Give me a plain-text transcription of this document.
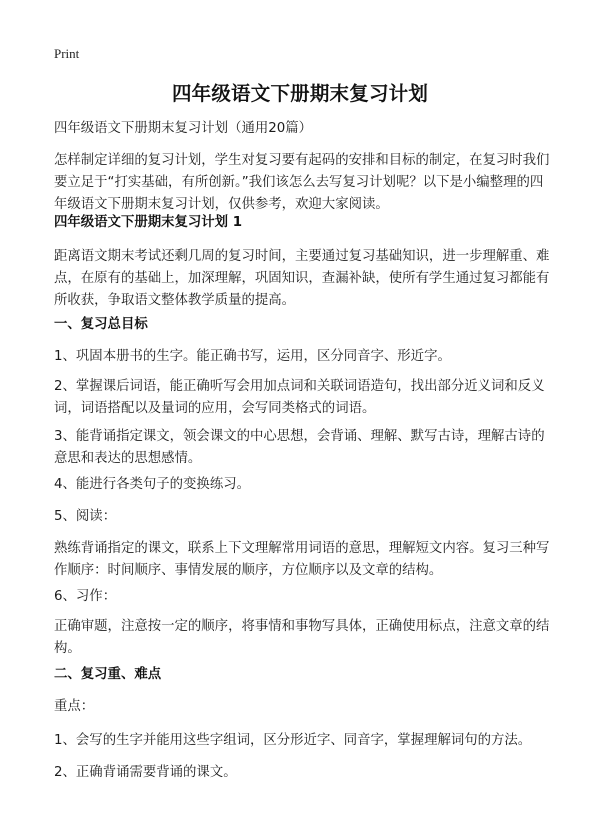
Print
四年级语文下册期末复习计划

四年级语文下册期末复习计划（通用20篇）

怎样制定详细的复习计划，学生对复习要有起码的安排和目标的制定，在复习时我们要立足于“打实基础，有所创新。”我们该怎么去写复习计划呢？以下是小编整理的四年级语文下册期末复习计划，仅供参考，欢迎大家阅读。

四年级语文下册期末复习计划 1

距离语文期末考试还剩几周的复习时间，主要通过复习基础知识，进一步理解重、难点，在原有的基础上，加深理解，巩固知识，查漏补缺，使所有学生通过复习都能有所收获，争取语文整体教学质量的提高。

一、复习总目标

1、巩固本册书的生字。能正确书写，运用，区分同音字、形近字。

2、掌握课后词语，能正确听写会用加点词和关联词语造句，找出部分近义词和反义词，词语搭配以及量词的应用，会写同类格式的词语。

3、能背诵指定课文，领会课文的中心思想，会背诵、理解、默写古诗，理解古诗的意思和表达的思想感情。

4、能进行各类句子的变换练习。

5、阅读：

熟练背诵指定的课文，联系上下文理解常用词语的意思，理解短文内容。复习三种写作顺序：时间顺序、事情发展的顺序，方位顺序以及文章的结构。

6、习作：

正确审题，注意按一定的顺序，将事情和事物写具体，正确使用标点，注意文章的结构。

二、复习重、难点

重点：

1、会写的生字并能用这些字组词，区分形近字、同音字，掌握理解词句的方法。

2、正确背诵需要背诵的课文。
